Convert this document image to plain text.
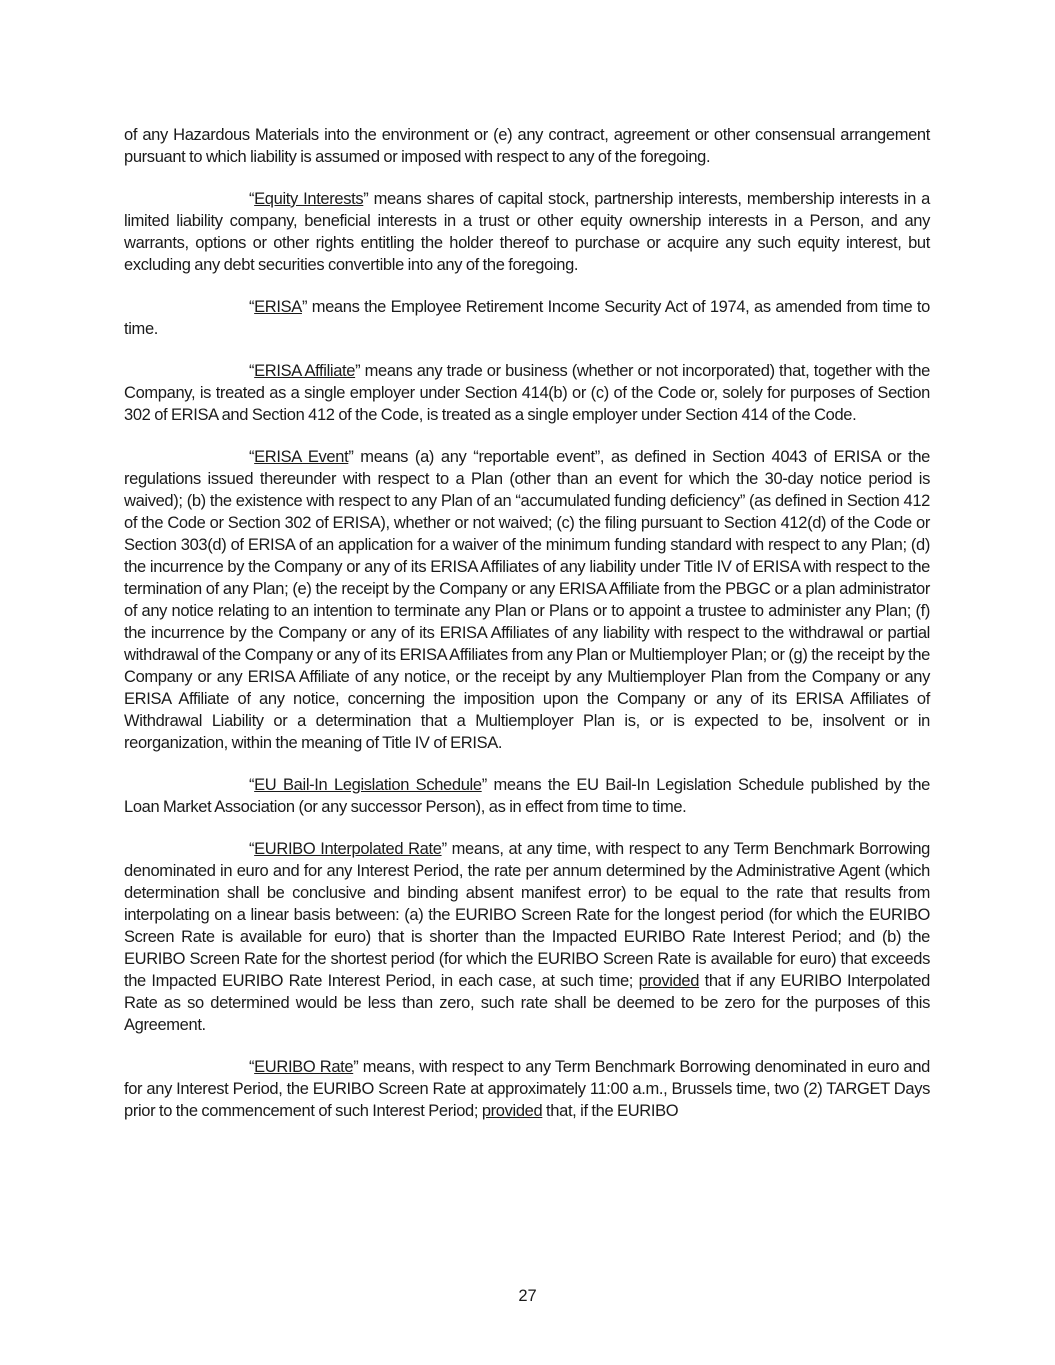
of any Hazardous Materials into the environment or (e) any contract, agreement or other consensual arrangement pursuant to which liability is assumed or imposed with respect to any of the foregoing.

“Equity Interests” means shares of capital stock, partnership interests, membership interests in a limited liability company, beneficial interests in a trust or other equity ownership interests in a Person, and any warrants, options or other rights entitling the holder thereof to purchase or acquire any such equity interest, but excluding any debt securities convertible into any of the foregoing.

“ERISA” means the Employee Retirement Income Security Act of 1974, as amended from time to time.

“ERISA Affiliate” means any trade or business (whether or not incorporated) that, together with the Company, is treated as a single employer under Section 414(b) or (c) of the Code or, solely for purposes of Section 302 of ERISA and Section 412 of the Code, is treated as a single employer under Section 414 of the Code.

“ERISA Event” means (a) any “reportable event”, as defined in Section 4043 of ERISA or the regulations issued thereunder with respect to a Plan (other than an event for which the 30-day notice period is waived); (b) the existence with respect to any Plan of an “accumulated funding deficiency” (as defined in Section 412 of the Code or Section 302 of ERISA), whether or not waived; (c) the filing pursuant to Section 412(d) of the Code or Section 303(d) of ERISA of an application for a waiver of the minimum funding standard with respect to any Plan; (d) the incurrence by the Company or any of its ERISA Affiliates of any liability under Title IV of ERISA with respect to the termination of any Plan; (e) the receipt by the Company or any ERISA Affiliate from the PBGC or a plan administrator of any notice relating to an intention to terminate any Plan or Plans or to appoint a trustee to administer any Plan; (f) the incurrence by the Company or any of its ERISA Affiliates of any liability with respect to the withdrawal or partial withdrawal of the Company or any of its ERISA Affiliates from any Plan or Multiemployer Plan; or (g) the receipt by the Company or any ERISA Affiliate of any notice, or the receipt by any Multiemployer Plan from the Company or any ERISA Affiliate of any notice, concerning the imposition upon the Company or any of its ERISA Affiliates of Withdrawal Liability or a determination that a Multiemployer Plan is, or is expected to be, insolvent or in reorganization, within the meaning of Title IV of ERISA.

“EU Bail-In Legislation Schedule” means the EU Bail-In Legislation Schedule published by the Loan Market Association (or any successor Person), as in effect from time to time.

“EURIBO Interpolated Rate” means, at any time, with respect to any Term Benchmark Borrowing denominated in euro and for any Interest Period, the rate per annum determined by the Administrative Agent (which determination shall be conclusive and binding absent manifest error) to be equal to the rate that results from interpolating on a linear basis between: (a) the EURIBO Screen Rate for the longest period (for which the EURIBO Screen Rate is available for euro) that is shorter than the Impacted EURIBO Rate Interest Period; and (b) the EURIBO Screen Rate for the shortest period (for which the EURIBO Screen Rate is available for euro) that exceeds the Impacted EURIBO Rate Interest Period, in each case, at such time; provided that if any EURIBO Interpolated Rate as so determined would be less than zero, such rate shall be deemed to be zero for the purposes of this Agreement.

“EURIBO Rate” means, with respect to any Term Benchmark Borrowing denominated in euro and for any Interest Period, the EURIBO Screen Rate at approximately 11:00 a.m., Brussels time, two (2) TARGET Days prior to the commencement of such Interest Period; provided that, if the EURIBO

27
